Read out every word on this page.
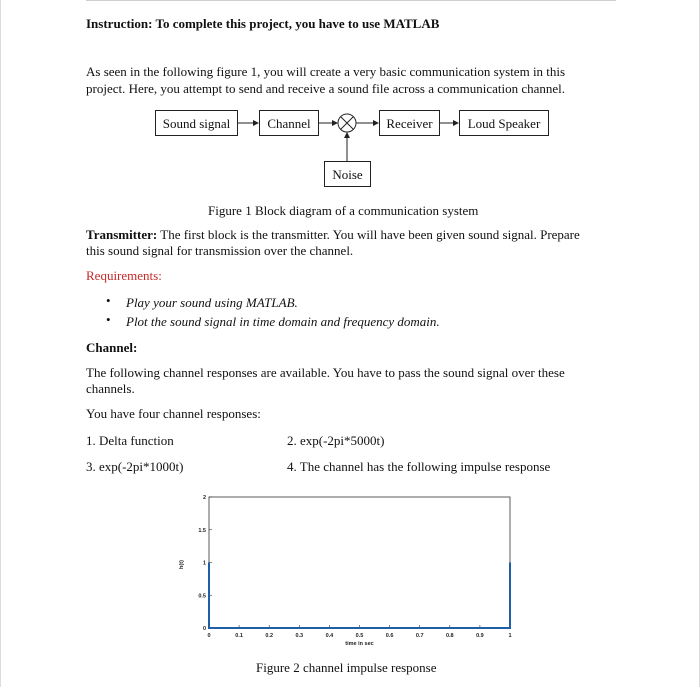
Instruction: To complete this project, you have to use MATLAB
As seen in the following figure 1, you will create a very basic communication system in this
project. Here, you attempt to send and receive a sound file across a communication channel.
Sound signal	Channel	Receiver	Loud Speaker
Noise
Figure 1 Block diagram of a communication system
Transmitter: The first block is the transmitter. You will have been given sound signal. Prepare
this sound signal for transmission over the channel.
Requirements:
• Play your sound using MATLAB.
• Plot the sound signal in time domain and frequency domain.
Channel:
The following channel responses are available. You have to pass the sound signal over these
channels.
You have four channel responses:
1. Delta function	2. exp(-2pi*5000t)
3. exp(-2pi*1000t)	4. The channel has the following impulse response
0	0.1	0.2	0.3	0.4	0.5	0.6	0.7	0.8	0.9	1
0
0.5
1
1.5
2
time in sec
h(t)
Figure 2 channel impulse response
